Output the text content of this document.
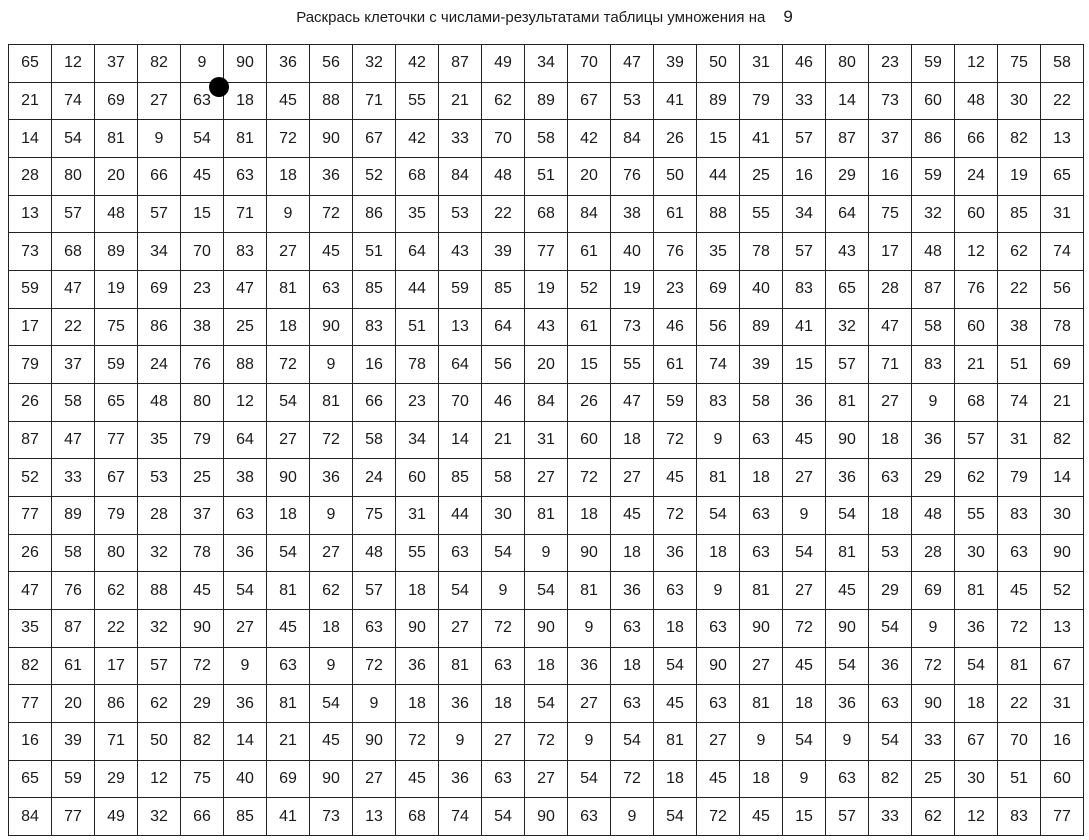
Раскрась клеточки с числами-результатами таблицы умножения на 9
65	12	37	82	9	90	36	56	32	42	87	49	34	70	47	39	50	31	46	80	23	59	12	75	58
21	74	69	27	63	18	45	88	71	55	21	62	89	67	53	41	89	79	33	14	73	60	48	30	22
14	54	81	9	54	81	72	90	67	42	33	70	58	42	84	26	15	41	57	87	37	86	66	82	13
28	80	20	66	45	63	18	36	52	68	84	48	51	20	76	50	44	25	16	29	16	59	24	19	65
13	57	48	57	15	71	9	72	86	35	53	22	68	84	38	61	88	55	34	64	75	32	60	85	31
73	68	89	34	70	83	27	45	51	64	43	39	77	61	40	76	35	78	57	43	17	48	12	62	74
59	47	19	69	23	47	81	63	85	44	59	85	19	52	19	23	69	40	83	65	28	87	76	22	56
17	22	75	86	38	25	18	90	83	51	13	64	43	61	73	46	56	89	41	32	47	58	60	38	78
79	37	59	24	76	88	72	9	16	78	64	56	20	15	55	61	74	39	15	57	71	83	21	51	69
26	58	65	48	80	12	54	81	66	23	70	46	84	26	47	59	83	58	36	81	27	9	68	74	21
87	47	77	35	79	64	27	72	58	34	14	21	31	60	18	72	9	63	45	90	18	36	57	31	82
52	33	67	53	25	38	90	36	24	60	85	58	27	72	27	45	81	18	27	36	63	29	62	79	14
77	89	79	28	37	63	18	9	75	31	44	30	81	18	45	72	54	63	9	54	18	48	55	83	30
26	58	80	32	78	36	54	27	48	55	63	54	9	90	18	36	18	63	54	81	53	28	30	63	90
47	76	62	88	45	54	81	62	57	18	54	9	54	81	36	63	9	81	27	45	29	69	81	45	52
35	87	22	32	90	27	45	18	63	90	27	72	90	9	63	18	63	90	72	90	54	9	36	72	13
82	61	17	57	72	9	63	9	72	36	81	63	18	36	18	54	90	27	45	54	36	72	54	81	67
77	20	86	62	29	36	81	54	9	18	36	18	54	27	63	45	63	81	18	36	63	90	18	22	31
16	39	71	50	82	14	21	45	90	72	9	27	72	9	54	81	27	9	54	9	54	33	67	70	16
65	59	29	12	75	40	69	90	27	45	36	63	27	54	72	18	45	18	9	63	82	25	30	51	60
84	77	49	32	66	85	41	73	13	68	74	54	90	63	9	54	72	45	15	57	33	62	12	83	77
